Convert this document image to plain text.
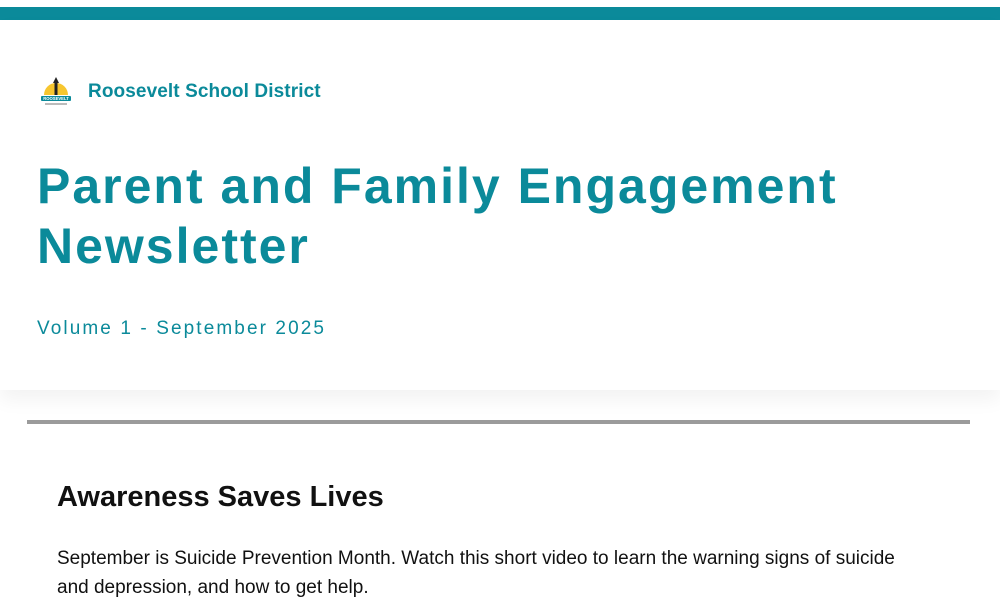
ROOSEVELT Roosevelt School District
Parent and Family Engagement Newsletter
Volume 1 - September 2025
Awareness Saves Lives

September is Suicide Prevention Month. Watch this short video to learn the warning signs of suicide and depression, and how to get help.
